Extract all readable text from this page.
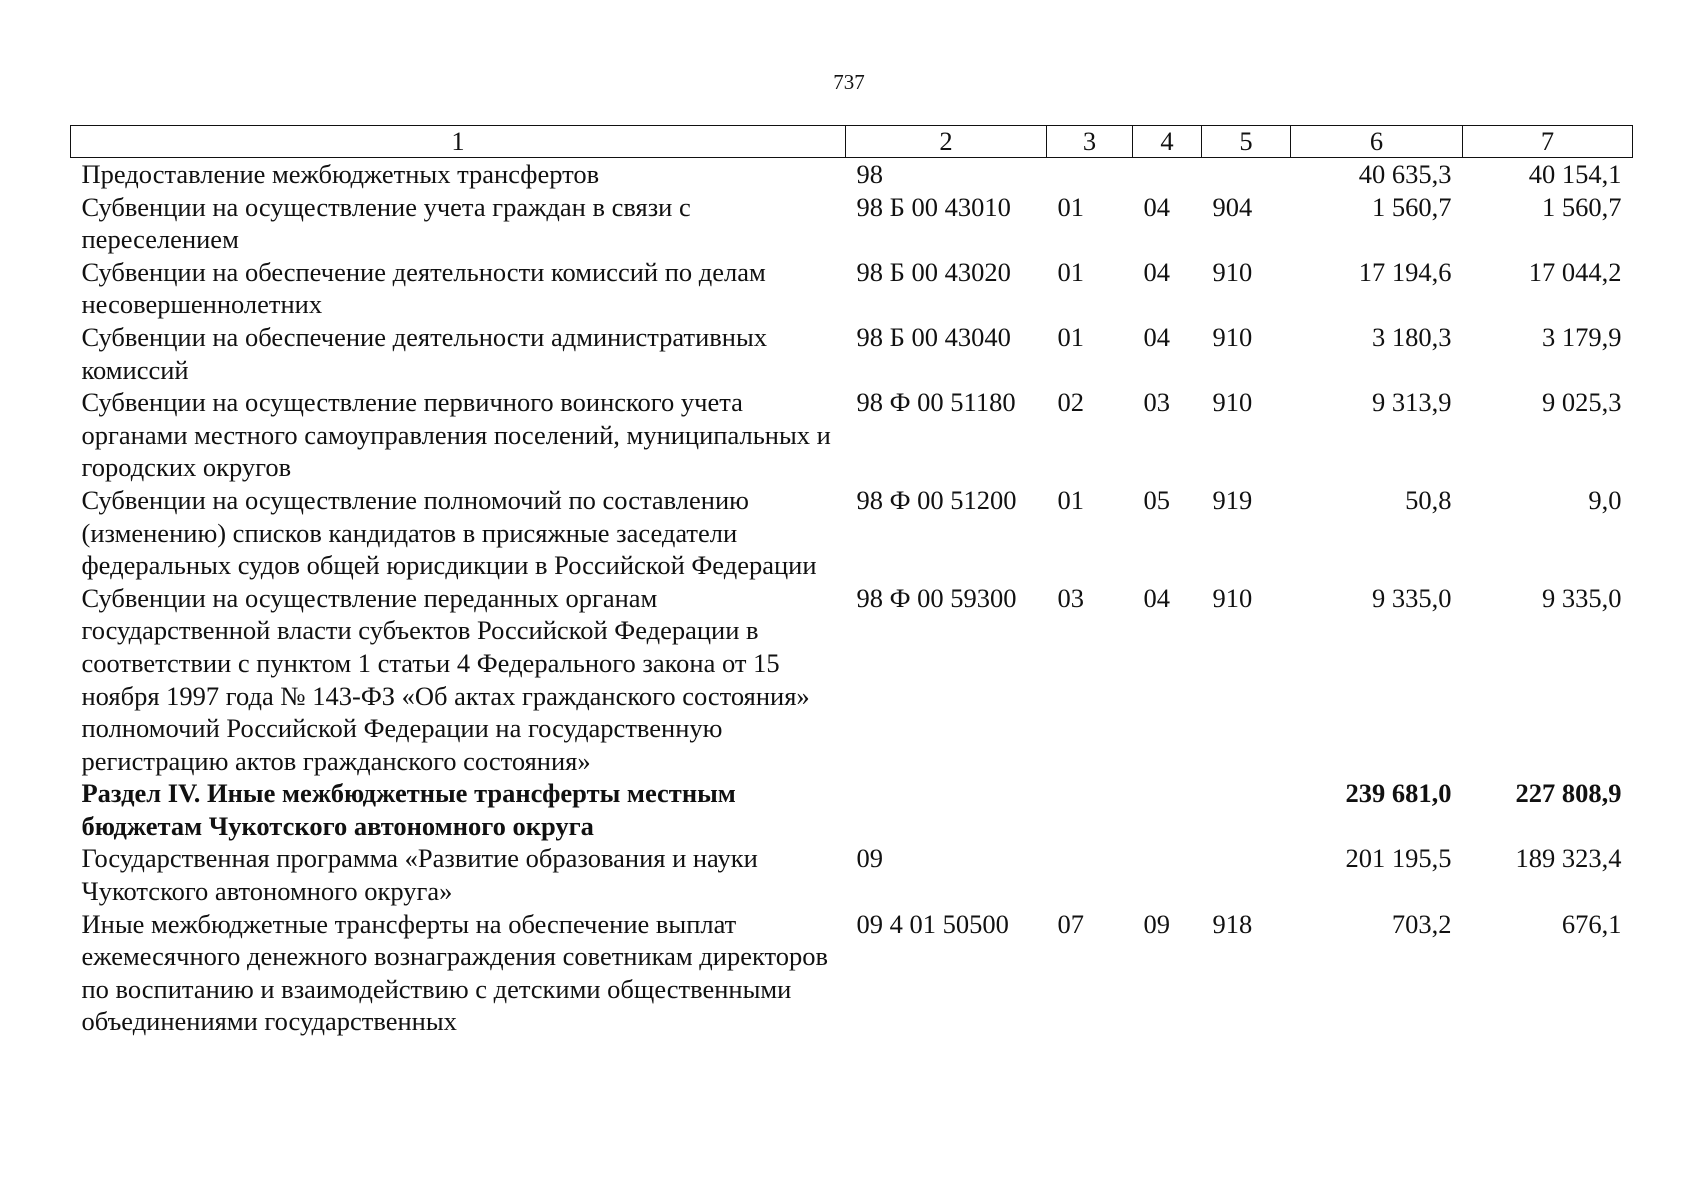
737
1	2	3	4	5	6	7
Предоставление межбюджетных трансфертов	98				40 635,3	40 154,1
Субвенции на осуществление учета граждан в связи с переселением	98 Б 00 43010	01	04	904	1 560,7	1 560,7
Субвенции на обеспечение деятельности комиссий по делам несовершеннолетних	98 Б 00 43020	01	04	910	17 194,6	17 044,2
Субвенции на обеспечение деятельности административных комиссий	98 Б 00 43040	01	04	910	3 180,3	3 179,9
Субвенции на осуществление первичного воинского учета органами местного самоуправления поселений, муниципальных и городских округов	98 Ф 00 51180	02	03	910	9 313,9	9 025,3
Субвенции на осуществление полномочий по составлению (изменению) списков кандидатов в присяжные заседатели федеральных судов общей юрисдикции в Российской Федерации	98 Ф 00 51200	01	05	919	50,8	9,0
Субвенции на осуществление переданных органам государственной власти субъектов Российской Федерации в соответствии с пунктом 1 статьи 4 Федерального закона от 15 ноября 1997 года № 143-ФЗ «Об актах гражданского состояния» полномочий Российской Федерации на государственную регистрацию актов гражданского состояния»	98 Ф 00 59300	03	04	910	9 335,0	9 335,0
Раздел IV. Иные межбюджетные трансферты местным бюджетам Чукотского автономного округа					239 681,0	227 808,9
Государственная программа «Развитие образования и науки Чукотского автономного округа»	09				201 195,5	189 323,4
Иные межбюджетные трансферты на обеспечение выплат ежемесячного денежного вознаграждения советникам директоров по воспитанию и взаимодействию с детскими общественными объединениями государственных	09 4 01 50500	07	09	918	703,2	676,1
